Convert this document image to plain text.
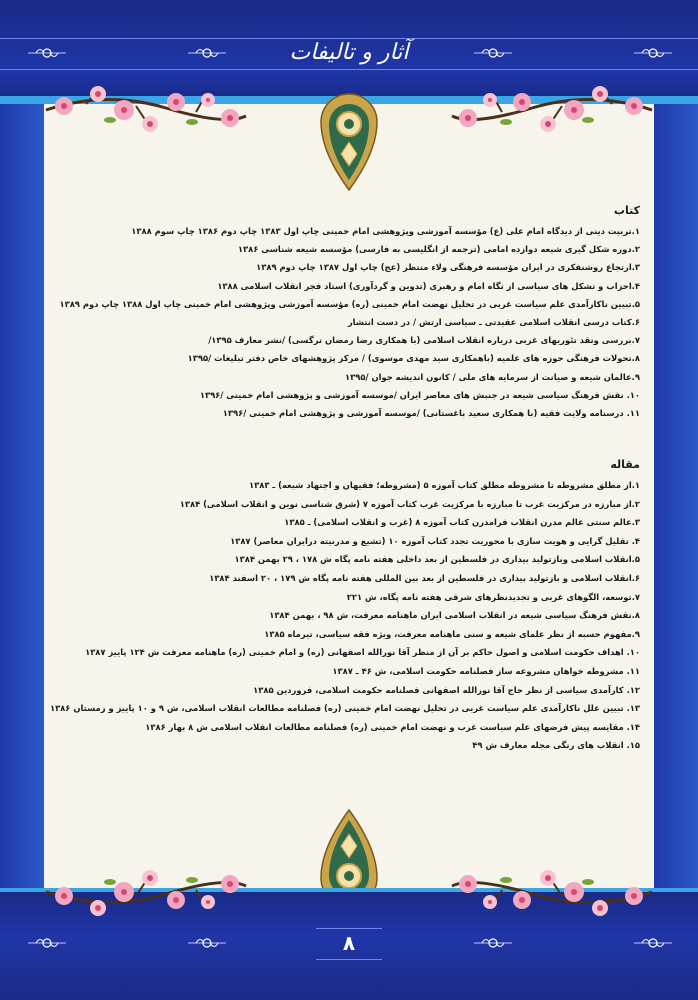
آثار و تالیفات
کتاب
۱.تربیت دینی از دیدگاه امام علی (ع) مؤسسه آموزشی وپژوهشی امام خمینی چاپ اول ۱۳۸۳ چاپ دوم ۱۳۸۶ چاپ سوم ۱۳۸۸
۲.دوره شکل گیری شیعه دوازده امامی (ترجمه از انگلیسی به فارسی) مؤسسه شیعه شناسی ۱۳۸۶
۳.ارتجاع روشنفکری در ایران مؤسسه فرهنگی ولاء منتظر (عج) چاپ اول ۱۳۸۷ چاپ دوم ۱۳۸۹
۴.احزاب و تشکل های سیاسی از نگاه امام و رهبری (تدوین و گردآوری) استاد فجر انقلاب اسلامی ۱۳۸۸
۵.تبیین ناکارآمدی علم سیاست غربی در تحلیل نهضت امام خمینی (ره) مؤسسه آموزشی وپژوهشی امام خمینی چاپ اول ۱۳۸۸ چاپ دوم ۱۳۸۹
۶.کتاب درسی انقلاب اسلامی عقیدتی ـ سیاسی ارتش / در دست انتشار
۷.بررسی ونقد تئوریهای غربی درباره انقلاب اسلامی (با همکاری رضا رمضان نرگسی) /نشر معارف ۱۳۹۵/
۸.تحولات فرهنگی حوزه های علمیه (باهمکاری سید مهدی موسوی) / مرکز پژوهشهای خاص دفتر تبلیغات /۱۳۹۵
۹.عالمان شیعه و صیانت از سرمایه های ملی / کانون اندیشه جوان /۱۳۹۵
۱۰. نقش فرهنگ سیاسی شیعه در جنبش های معاصر ایران /موسسه آموزشی و پژوهشی امام خمینی /۱۳۹۶
۱۱. درسنامه ولایت فقیه (با همکاری سعید باغستانی) /موسسه آموزشی و پژوهشی امام خمینی /۱۳۹۶
مقاله
۱.از مطلق مشروطه تا مشروطه مطلق کتاب آموزه ۵ (مشروطه؛ فقیهان و اجتهاد شیعه) ـ ۱۳۸۳
۲.از مبارزه در مرکزیت غرب تا مبارزه با مرکزیت غرب کتاب آموزه ۷ (شرق شناسی نوین و انقلاب اسلامی) ۱۳۸۴
۳.عالم سنتی عالم مدرن انقلاب فرامدرن کتاب آموزه ۸ (غرب و انقلاب اسلامی) ـ ۱۳۸۵
۴. تقلیل گرایی و هویت سازی با محوریت تجدد کتاب آموزه ۱۰ (تشیع و مدرنیته درایران معاصر) ۱۳۸۷
۵.انقلاب اسلامی وبازتولید بیداری در فلسطین از بعد داخلی هفته نامه پگاه ش ۱۷۸ ، ۲۹ بهمن ۱۳۸۴
۶.انقلاب اسلامی و بازتولید بیداری در فلسطین از بعد بین المللی هفته نامه پگاه ش ۱۷۹ ، ۲۰ اسفند ۱۳۸۴
۷.توسعه، الگوهای غربی و تجدیدنظرهای شرقی هفته نامه پگاه، ش ۲۲۱
۸.نقش فرهنگ سیاسی شیعه در انقلاب اسلامی ایران ماهنامه معرفت، ش ۹۸ ، بهمن ۱۳۸۴
۹.مفهوم حسبه از نظر علمای شیعه و سنی ماهنامه معرفت، ویژه فقه سیاسی، تیرماه ۱۳۸۵
۱۰. اهداف حکومت اسلامی و اصول حاکم بر آن از منظر آقا نورالله اصفهانی (ره) و امام خمینی (ره) ماهنامه معرفت ش ۱۲۴ پاییز ۱۳۸۷
۱۱. مشروطه خواهان مشروعه ساز فصلنامه حکومت اسلامی، ش ۴۶ ـ ۱۳۸۷
۱۲. کارآمدی سیاسی از نظر حاج آقا نورالله اصفهانی فصلنامه حکومت اسلامی، فروردین ۱۳۸۵
۱۳. تبیین علل ناکارآمدی علم سیاست غربی در تحلیل نهضت امام خمینی (ره) فصلنامه مطالعات انقلاب اسلامی، ش ۹ و ۱۰ پاییز و زمستان ۱۳۸۶
۱۴. مقایسه پیش فرضهای علم سیاست غرب و نهضت امام خمینی (ره) فصلنامه مطالعات انقلاب اسلامی ش ۸ بهار ۱۳۸۶
۱۵. انقلاب های رنگی مجله معارف ش ۴۹
۸
